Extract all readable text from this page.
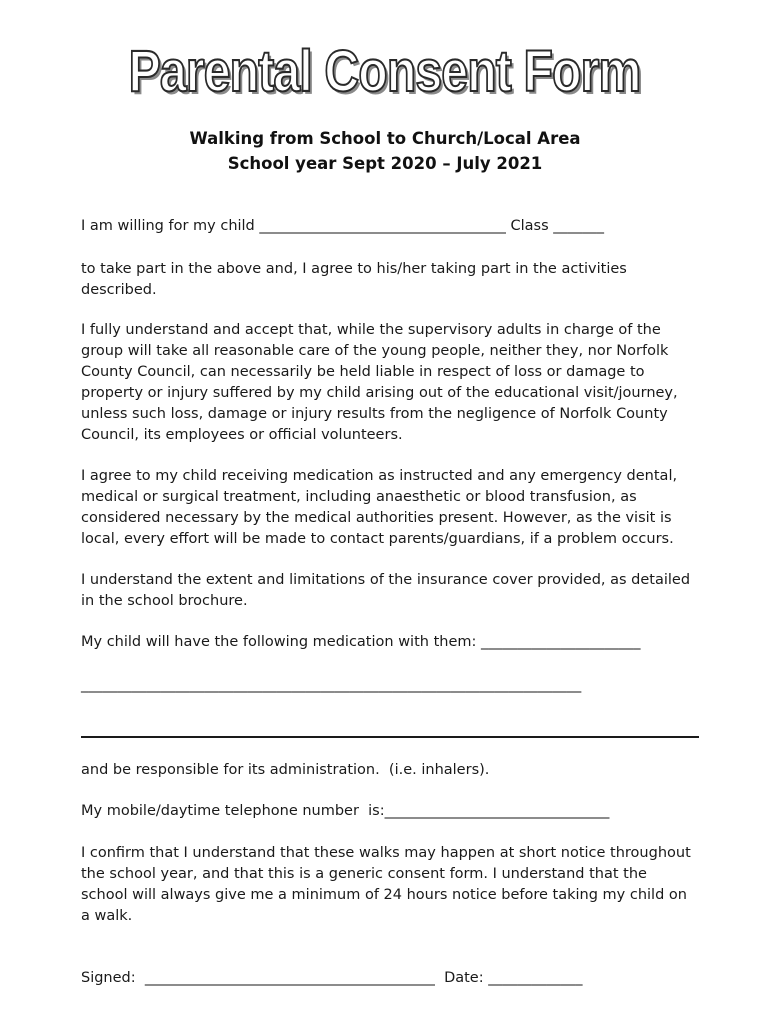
Parental Consent Form
Walking from School to Church/Local Area
School year Sept 2020 – July 2021
I am willing for my child __________________________________ Class _______
to take part in the above and, I agree to his/her taking part in the activities described.
I fully understand and accept that, while the supervisory adults in charge of the group will take all reasonable care of the young people, neither they, nor Norfolk County Council, can necessarily be held liable in respect of loss or damage to property or injury suffered by my child arising out of the educational visit/journey, unless such loss, damage or injury results from the negligence of Norfolk County Council, its employees or official volunteers.
I agree to my child receiving medication as instructed and any emergency dental, medical or surgical treatment, including anaesthetic or blood transfusion, as considered necessary by the medical authorities present. However, as the visit is local, every effort will be made to contact parents/guardians, if a problem occurs.
I understand the extent and limitations of the insurance cover provided, as detailed in the school brochure.
My child will have the following medication with them: ______________________
_____________________________________________________________________
and be responsible for its administration.  (i.e. inhalers).
My mobile/daytime telephone number  is:_______________________________
I confirm that I understand that these walks may happen at short notice throughout the school year, and that this is a generic consent form. I understand that the school will always give me a minimum of 24 hours notice before taking my child on a walk.
Signed:  ________________________________________  Date: _____________
